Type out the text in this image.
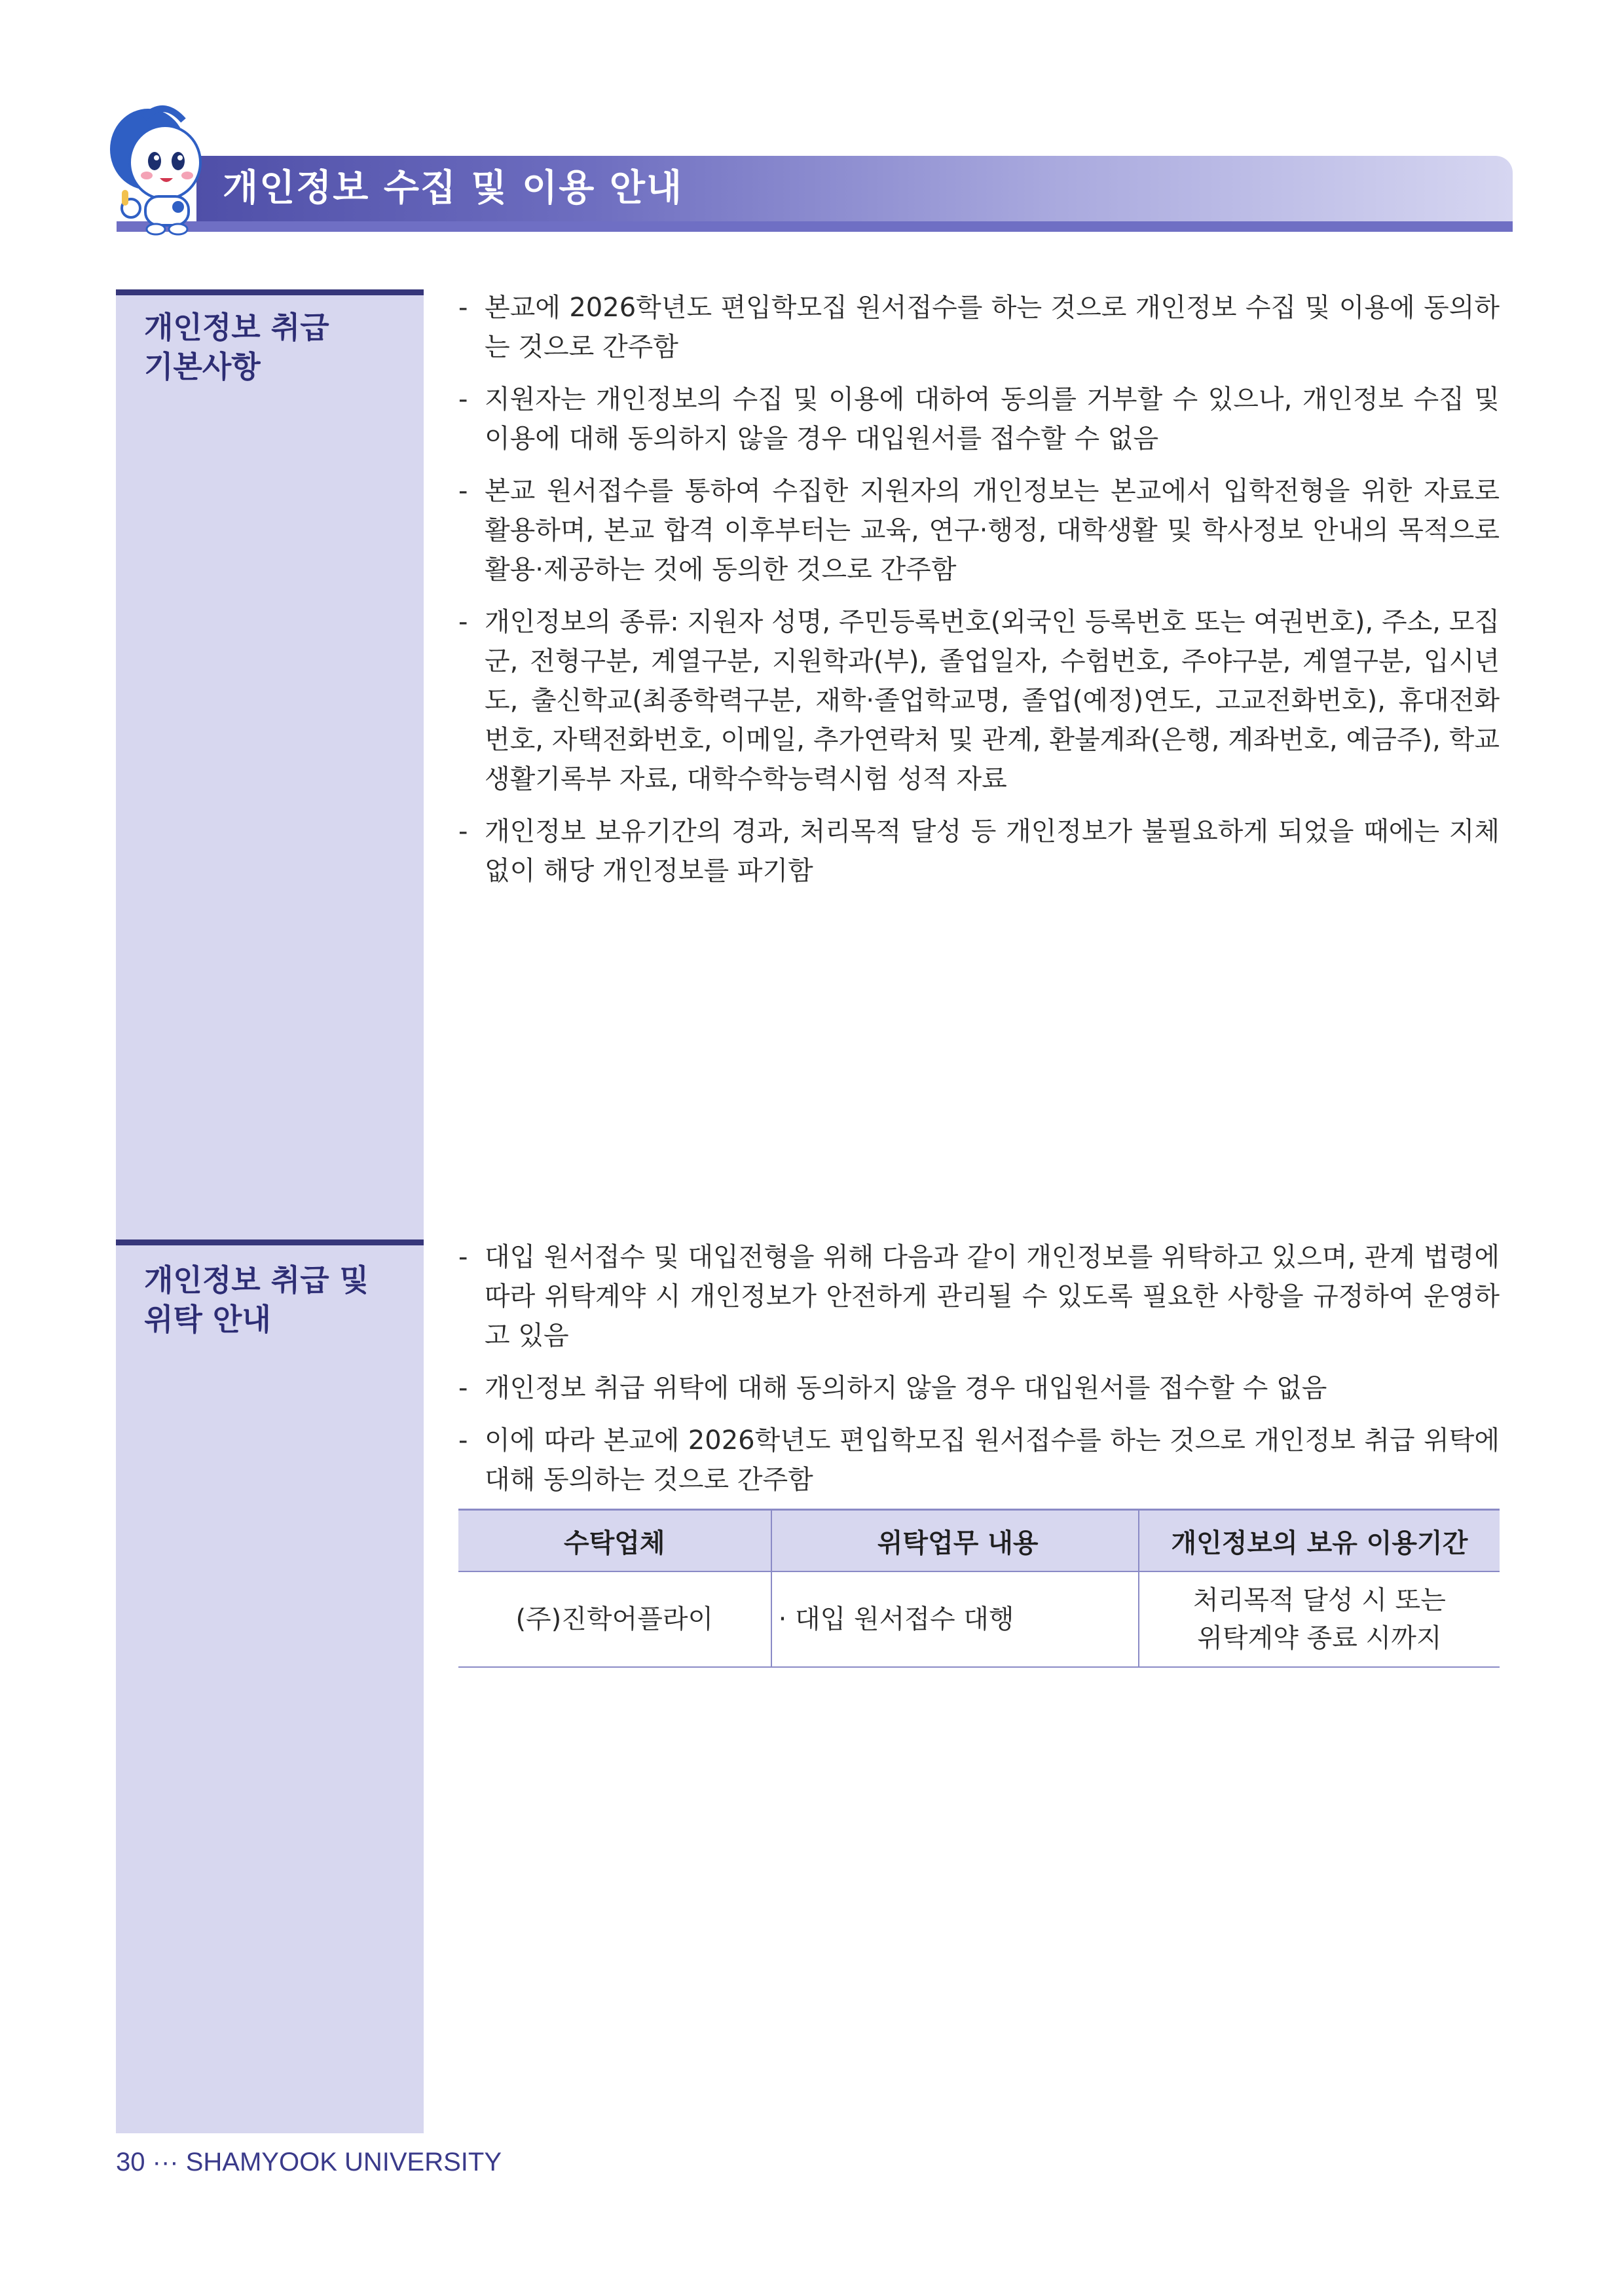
개인정보 수집 및 이용 안내
개인정보 취급
기본사항
- 본교에 2026학년도 편입학모집 원서접수를 하는 것으로 개인정보 수집 및 이용에 동의하는 것으로 간주함
- 지원자는 개인정보의 수집 및 이용에 대하여 동의를 거부할 수 있으나, 개인정보 수집 및 이용에 대해 동의하지 않을 경우 대입원서를 접수할 수 없음
- 본교 원서접수를 통하여 수집한 지원자의 개인정보는 본교에서 입학전형을 위한 자료로 활용하며, 본교 합격 이후부터는 교육, 연구·행정, 대학생활 및 학사정보 안내의 목적으로 활용·제공하는 것에 동의한 것으로 간주함
- 개인정보의 종류: 지원자 성명, 주민등록번호(외국인 등록번호 또는 여권번호), 주소, 모집군, 전형구분, 계열구분, 지원학과(부), 졸업일자, 수험번호, 주야구분, 계열구분, 입시년도, 출신학교(최종학력구분, 재학·졸업학교명, 졸업(예정)연도, 고교전화번호), 휴대전화번호, 자택전화번호, 이메일, 추가연락처 및 관계, 환불계좌(은행, 계좌번호, 예금주), 학교생활기록부 자료, 대학수학능력시험 성적 자료
- 개인정보 보유기간의 경과, 처리목적 달성 등 개인정보가 불필요하게 되었을 때에는 지체없이 해당 개인정보를 파기함
개인정보 취급 및
위탁 안내
- 대입 원서접수 및 대입전형을 위해 다음과 같이 개인정보를 위탁하고 있으며, 관계 법령에 따라 위탁계약 시 개인정보가 안전하게 관리될 수 있도록 필요한 사항을 규정하여 운영하고 있음
- 개인정보 취급 위탁에 대해 동의하지 않을 경우 대입원서를 접수할 수 없음
- 이에 따라 본교에 2026학년도 편입학모집 원서접수를 하는 것으로 개인정보 취급 위탁에 대해 동의하는 것으로 간주함
수탁업체	위탁업무 내용	개인정보의 보유 이용기간
(주)진학어플라이	· 대입 원서접수 대행	처리목적 달성 시 또는
위탁계약 종료 시까지
30 ··· SHAMYOOK UNIVERSITY
